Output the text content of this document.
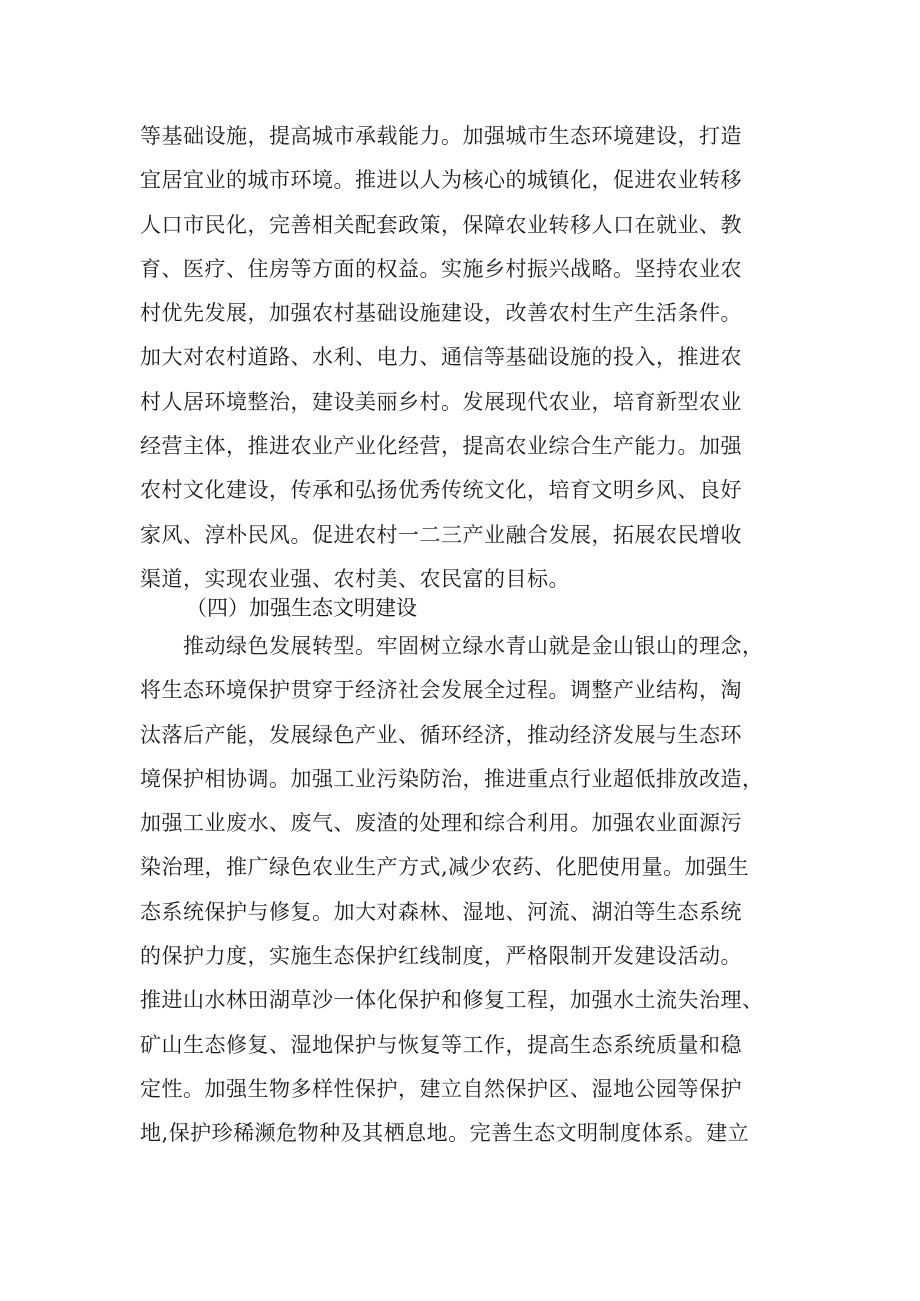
等基础设施，提高城市承载能力。加强城市生态环境建设，打造
宜居宜业的城市环境。推进以人为核心的城镇化，促进农业转移
人口市民化，完善相关配套政策，保障农业转移人口在就业、教
育、医疗、住房等方面的权益。实施乡村振兴战略。坚持农业农
村优先发展，加强农村基础设施建设，改善农村生产生活条件。
加大对农村道路、水利、电力、通信等基础设施的投入，推进农
村人居环境整治，建设美丽乡村。发展现代农业，培育新型农业
经营主体，推进农业产业化经营，提高农业综合生产能力。加强
农村文化建设，传承和弘扬优秀传统文化，培育文明乡风、良好
家风、淳朴民风。促进农村一二三产业融合发展，拓展农民增收
渠道，实现农业强、农村美、农民富的目标。
（四）加强生态文明建设
　　推动绿色发展转型。牢固树立绿水青山就是金山银山的理念，
将生态环境保护贯穿于经济社会发展全过程。调整产业结构，淘
汰落后产能，发展绿色产业、循环经济，推动经济发展与生态环
境保护相协调。加强工业污染防治，推进重点行业超低排放改造，
加强工业废水、废气、废渣的处理和综合利用。加强农业面源污
染治理，推广绿色农业生产方式,减少农药、化肥使用量。加强生
态系统保护与修复。加大对森林、湿地、河流、湖泊等生态系统
的保护力度，实施生态保护红线制度，严格限制开发建设活动。
推进山水林田湖草沙一体化保护和修复工程，加强水土流失治理、
矿山生态修复、湿地保护与恢复等工作，提高生态系统质量和稳
定性。加强生物多样性保护，建立自然保护区、湿地公园等保护
地,保护珍稀濒危物种及其栖息地。完善生态文明制度体系。建立
